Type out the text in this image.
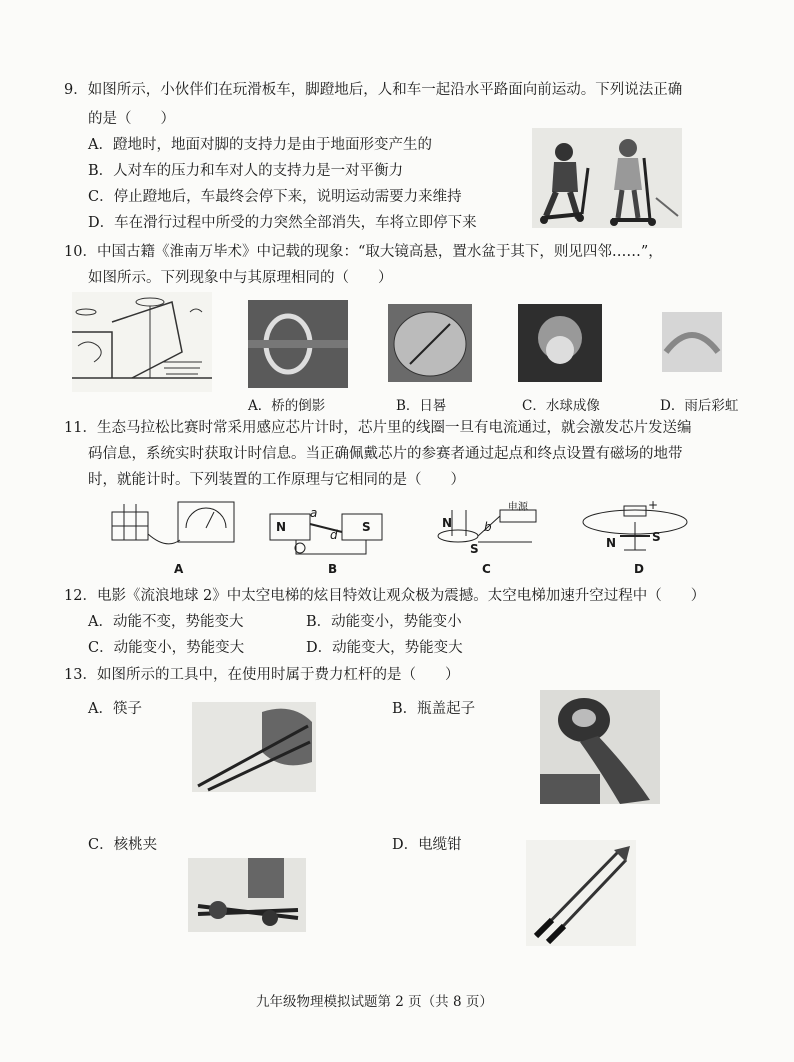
9．如图所示，小伙伴们在玩滑板车，脚蹬地后，人和车一起沿水平路面向前运动。下列说法正确
的是（　　）
A．蹬地时，地面对脚的支持力是由于地面形变产生的
B．人对车的压力和车对人的支持力是一对平衡力
C．停止蹬地后，车最终会停下来，说明运动需要力来维持
D．车在滑行过程中所受的力突然全部消失，车将立即停下来
10．中国古籍《淮南万毕术》中记载的现象：“取大镜高悬，置水盆于其下，则见四邻……”，
如图所示。下列现象中与其原理相同的（　　）
A．桥的倒影	B．日晷	C．水球成像	D．雨后彩虹
11．生态马拉松比赛时常采用感应芯片计时，芯片里的线圈一旦有电流通过，就会激发芯片发送编
码信息，系统实时获取计时信息。当正确佩戴芯片的参赛者通过起点和终点设置有磁场的地带
时，就能计时。下列装置的工作原理与它相同的是（　　）
A
N	S
a
d
B
N
S
电源
b
C
N	S
+
D
12．电影《流浪地球 2》中太空电梯的炫目特效让观众极为震撼。太空电梯加速升空过程中（　　）
A．动能不变，势能变大	B．动能变小，势能变小
C．动能变小，势能变大	D．动能变大，势能变大
13．如图所示的工具中，在使用时属于费力杠杆的是（　　）
A．筷子	B．瓶盖起子
C．核桃夹	D．电缆钳
九年级物理模拟试题第 2 页（共 8 页）
